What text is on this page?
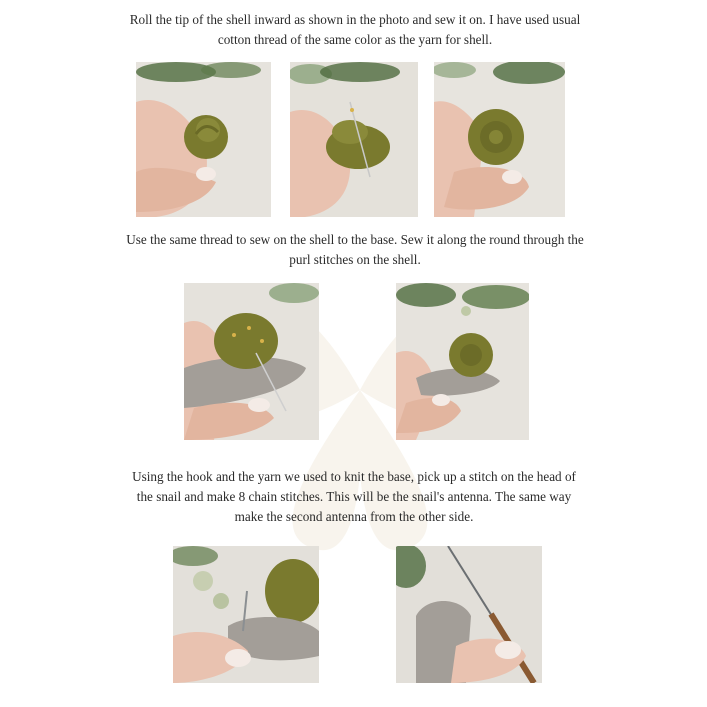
Roll the tip of the shell inward as shown in the photo and sew it on. I have used usual cotton thread of the same color as the yarn for shell.

Use the same thread to sew on the shell to the base. Sew it along the round through the purl stitches on the shell.

Using the hook and the yarn we used to knit the base, pick up a stitch on the head of the snail and make 8 chain stitches. This will be the snail's antenna. The same way make the second antenna from the other side.
